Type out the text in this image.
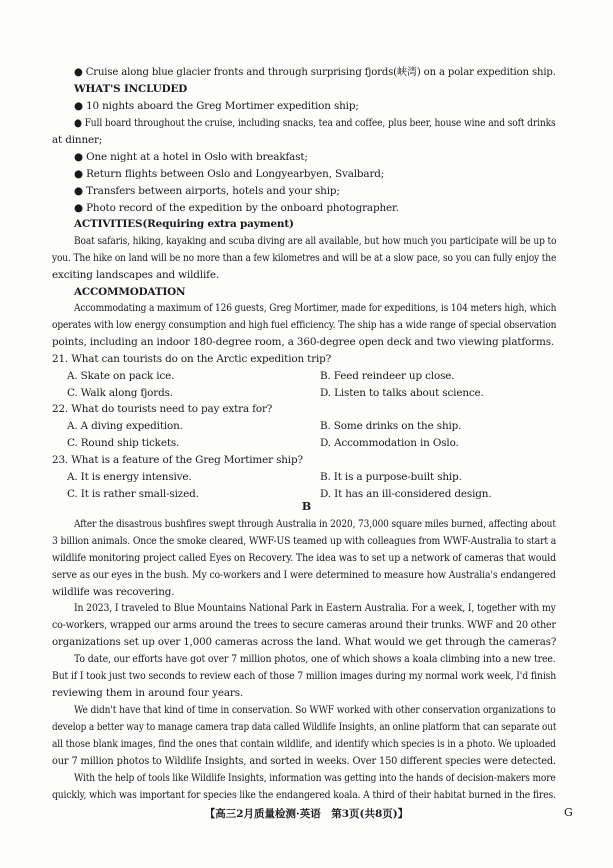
● Cruise along blue glacier fronts and through surprising fjords(峡湾) on a polar expedition ship.
WHAT'S INCLUDED
● 10 nights aboard the Greg Mortimer expedition ship;
● Full board throughout the cruise, including snacks, tea and coffee, plus beer, house wine and soft drinks
at dinner;
● One night at a hotel in Oslo with breakfast;
● Return flights between Oslo and Longyearbyen, Svalbard;
● Transfers between airports, hotels and your ship;
● Photo record of the expedition by the onboard photographer.
ACTIVITIES(Requiring extra payment)
Boat safaris, hiking, kayaking and scuba diving are all available, but how much you participate will be up to
you. The hike on land will be no more than a few kilometres and will be at a slow pace, so you can fully enjoy the
exciting landscapes and wildlife.
ACCOMMODATION
Accommodating a maximum of 126 guests, Greg Mortimer, made for expeditions, is 104 meters high, which
operates with low energy consumption and high fuel efficiency. The ship has a wide range of special observation
points, including an indoor 180-degree room, a 360-degree open deck and two viewing platforms.
21. What can tourists do on the Arctic expedition trip?
A. Skate on pack ice.	B. Feed reindeer up close.
C. Walk along fjords.	D. Listen to talks about science.
22. What do tourists need to pay extra for?
A. A diving expedition.	B. Some drinks on the ship.
C. Round ship tickets.	D. Accommodation in Oslo.
23. What is a feature of the Greg Mortimer ship?
A. It is energy intensive.	B. It is a purpose-built ship.
C. It is rather small-sized.	D. It has an ill-considered design.
B
After the disastrous bushfires swept through Australia in 2020, 73,000 square miles burned, affecting about
3 billion animals. Once the smoke cleared, WWF-US teamed up with colleagues from WWF-Australia to start a
wildlife monitoring project called Eyes on Recovery. The idea was to set up a network of cameras that would
serve as our eyes in the bush. My co-workers and I were determined to measure how Australia's endangered
wildlife was recovering.
In 2023, I traveled to Blue Mountains National Park in Eastern Australia. For a week, I, together with my
co-workers, wrapped our arms around the trees to secure cameras around their trunks. WWF and 20 other
organizations set up over 1,000 cameras across the land. What would we get through the cameras?
To date, our efforts have got over 7 million photos, one of which shows a koala climbing into a new tree.
But if I took just two seconds to review each of those 7 million images during my normal work week, I'd finish
reviewing them in around four years.
We didn't have that kind of time in conservation. So WWF worked with other conservation organizations to
develop a better way to manage camera trap data called Wildlife Insights, an online platform that can separate out
all those blank images, find the ones that contain wildlife, and identify which species is in a photo. We uploaded
our 7 million photos to Wildlife Insights, and sorted in weeks. Over 150 different species were detected.
With the help of tools like Wildlife Insights, information was getting into the hands of decision-makers more
quickly, which was important for species like the endangered koala. A third of their habitat burned in the fires.
【高三2月质量检测·英语　第3页(共8页)】	G
